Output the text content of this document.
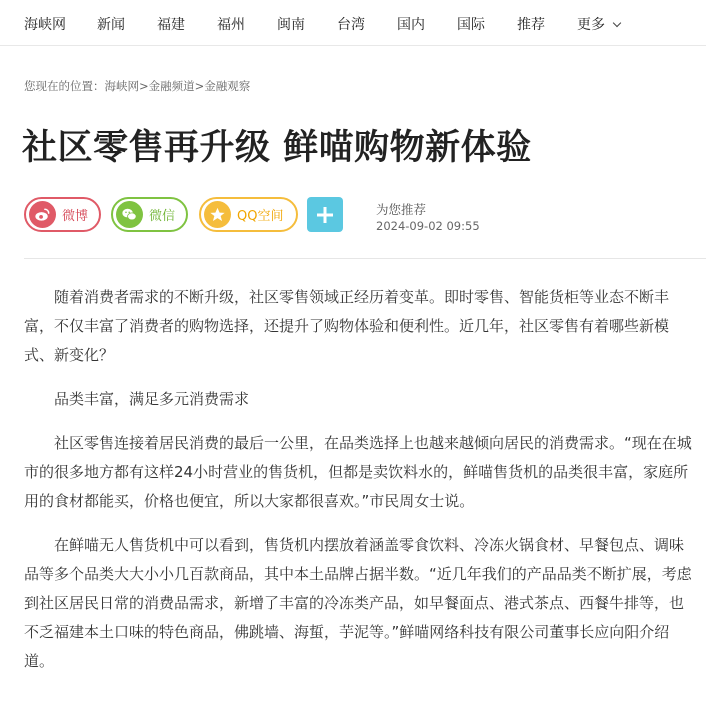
海峡网 新闻 福建 福州 闽南 台湾 国内 国际 推荐 更多
您现在的位置：海峡网>金融频道>金融观察
社区零售再升级 鲜喵购物新体验
微博	微信	QQ空间	为您推荐
2024-09-02 09:55

随着消费者需求的不断升级，社区零售领域正经历着变革。即时零售、智能货柜等业态不断丰富，不仅丰富了消费者的购物选择，还提升了购物体验和便利性。近几年，社区零售有着哪些新模式、新变化？

品类丰富，满足多元消费需求

社区零售连接着居民消费的最后一公里，在品类选择上也越来越倾向居民的消费需求。“现在在城市的很多地方都有这样24小时营业的售货机，但都是卖饮料水的，鲜喵售货机的品类很丰富，家庭所用的食材都能买，价格也便宜，所以大家都很喜欢。”市民周女士说。

在鲜喵无人售货机中可以看到，售货机内摆放着涵盖零食饮料、冷冻火锅食材、早餐包点、调味品等多个品类大大小小几百款商品，其中本土品牌占据半数。“近几年我们的产品品类不断扩展，考虑到社区居民日常的消费品需求，新增了丰富的冷冻类产品，如早餐面点、港式茶点、西餐牛排等，也不乏福建本土口味的特色商品，佛跳墙、海蜇，芋泥等。”鲜喵网络科技有限公司董事长应向阳介绍道。
